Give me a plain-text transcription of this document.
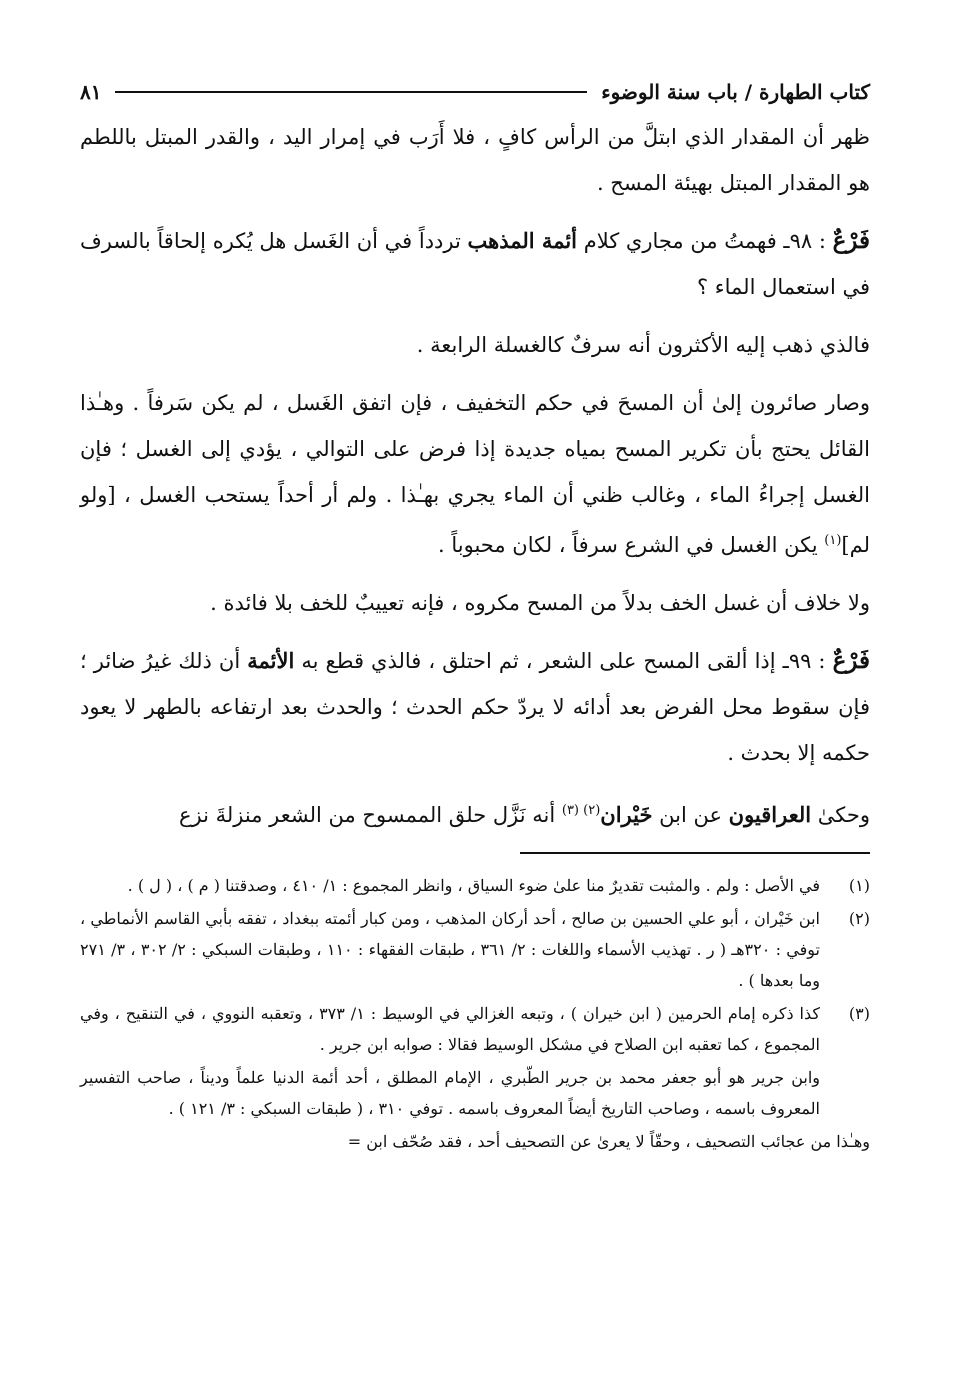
كتاب الطهارة / باب سنة الوضوء
٨١

ظهر أن المقدار الذي ابتلَّ من الرأس كافٍ ، فلا أَرَب في إمرار اليد ، والقدر المبتل باللطم هو المقدار المبتل بهيئة المسح .

فَرْعٌ : ٩٨ـ فهمتُ من مجاري كلام أئمة المذهب تردداً في أن الغَسل هل يُكره إلحاقاً بالسرف في استعمال الماء ؟

فالذي ذهب إليه الأكثرون أنه سرفٌ كالغسلة الرابعة .

وصار صائرون إلىٰ أن المسحَ في حكم التخفيف ، فإن اتفق الغَسل ، لم يكن سَرفاً . وهـٰذا القائل يحتج بأن تكرير المسح بمياه جديدة إذا فرض على التوالي ، يؤدي إلى الغسل ؛ فإن الغسل إجراءُ الماء ، وغالب ظني أن الماء يجري بهـٰذا . ولم أر أحداً يستحب الغسل ، [ولو لم]$^{(١)}$ يكن الغسل في الشرع سرفاً ، لكان محبوباً .

ولا خلاف أن غسل الخف بدلاً من المسح مكروه ، فإنه تعييبٌ للخف بلا فائدة .

فَرْعٌ : ٩٩ـ إذا ألقى المسح على الشعر ، ثم احتلق ، فالذي قطع به الأئمة أن ذلك غيرُ ضائر ؛ فإن سقوط محل الفرض بعد أدائه لا يردّ حكم الحدث ؛ والحدث بعد ارتفاعه بالطهر لا يعود حكمه إلا بحدث .

وحكىٰ العراقيون عن ابن خَيْران$^{(٢) (٣)}$ أنه نَزَّل حلق الممسوح من الشعر منزلةَ نزع

(١)
في الأصل : ولم . والمثبت تقديرٌ منا علىٰ ضوء السياق ، وانظر المجموع : ١/ ٤١٠ ، وصدقتنا ( م ) ، ( ل ) .
(٢)
ابن خَيْران ، أبو علي الحسين بن صالح ، أحد أركان المذهب ، ومن كبار أئمته ببغداد ، تفقه بأبي القاسم الأنماطي ، توفي : ٣٢٠هـ ( ر . تهذيب الأسماء واللغات : ٢/ ٣٦١ ، طبقات الفقهاء : ١١٠ ، وطبقات السبكي : ٢/ ٣٠٢ ، ٣/ ٢٧١ وما بعدها ) .
(٣)
كذا ذكره إمام الحرمين ( ابن خيران ) ، وتبعه الغزالي في الوسيط : ١/ ٣٧٣ ، وتعقبه النووي ، في التنقيح ، وفي المجموع ، كما تعقبه ابن الصلاح في مشكل الوسيط فقالا : صوابه ابن جرير .
وابن جرير هو أبو جعفر محمد بن جرير الطّبري ، الإمام المطلق ، أحد أئمة الدنيا علماً وديناً ، صاحب التفسير المعروف باسمه ، وصاحب التاريخ أيضاً المعروف باسمه . توفي ٣١٠ ، ( طبقات السبكي : ٣/ ١٢١ ) .
وهـٰذا من عجائب التصحيف ، وحقّاً لا يعرىٰ عن التصحيف أحد ، فقد صُحّف ابن =
